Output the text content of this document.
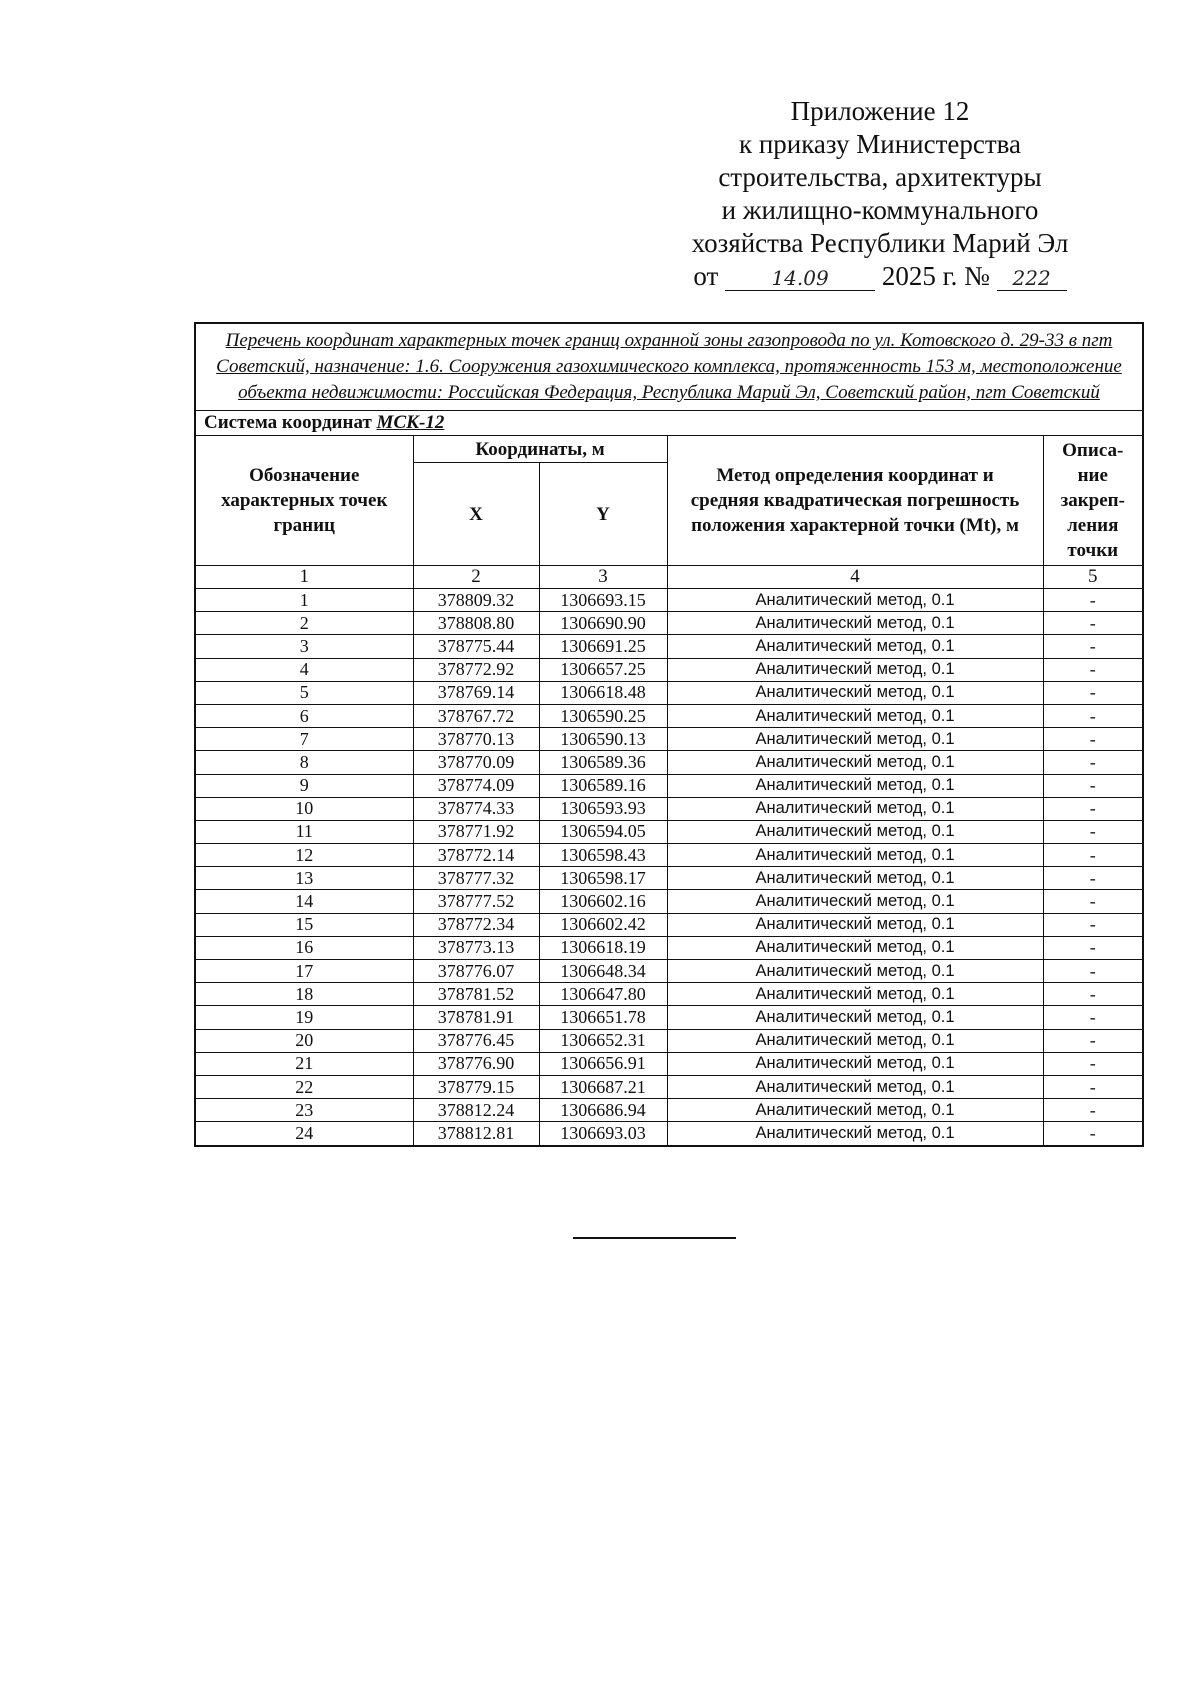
Приложение 12
к приказу Министерства
строительства, архитектуры
и жилищно-коммунального
хозяйства Республики Марий Эл
от	14.09 2025 г. № 222
Перечень координат характерных точек границ охранной зоны газопровода по ул. Котовского д. 29-33 в пгт Советский, назначение: 1.6. Сооружения газохимического комплекса, протяженность 153 м, местоположение объекта недвижимости: Российская Федерация, Республика Марий Эл, Советский район, пгт Советский				
Система координат МСК-12				
Обозначение характерных точек границ	Координаты, м		Метод определения координат и средняя квадратическая погрешность положения характерной точки (Mt), м	Описа- ние закреп- ления точки
	X	Y		
1	2	3	4	5
1	378809.32	1306693.15	Аналитический метод, 0.1	-
2	378808.80	1306690.90	Аналитический метод, 0.1	-
3	378775.44	1306691.25	Аналитический метод, 0.1	-
4	378772.92	1306657.25	Аналитический метод, 0.1	-
5	378769.14	1306618.48	Аналитический метод, 0.1	-
6	378767.72	1306590.25	Аналитический метод, 0.1	-
7	378770.13	1306590.13	Аналитический метод, 0.1	-
8	378770.09	1306589.36	Аналитический метод, 0.1	-
9	378774.09	1306589.16	Аналитический метод, 0.1	-
10	378774.33	1306593.93	Аналитический метод, 0.1	-
11	378771.92	1306594.05	Аналитический метод, 0.1	-
12	378772.14	1306598.43	Аналитический метод, 0.1	-
13	378777.32	1306598.17	Аналитический метод, 0.1	-
14	378777.52	1306602.16	Аналитический метод, 0.1	-
15	378772.34	1306602.42	Аналитический метод, 0.1	-
16	378773.13	1306618.19	Аналитический метод, 0.1	-
17	378776.07	1306648.34	Аналитический метод, 0.1	-
18	378781.52	1306647.80	Аналитический метод, 0.1	-
19	378781.91	1306651.78	Аналитический метод, 0.1	-
20	378776.45	1306652.31	Аналитический метод, 0.1	-
21	378776.90	1306656.91	Аналитический метод, 0.1	-
22	378779.15	1306687.21	Аналитический метод, 0.1	-
23	378812.24	1306686.94	Аналитический метод, 0.1	-
24	378812.81	1306693.03	Аналитический метод, 0.1	-
